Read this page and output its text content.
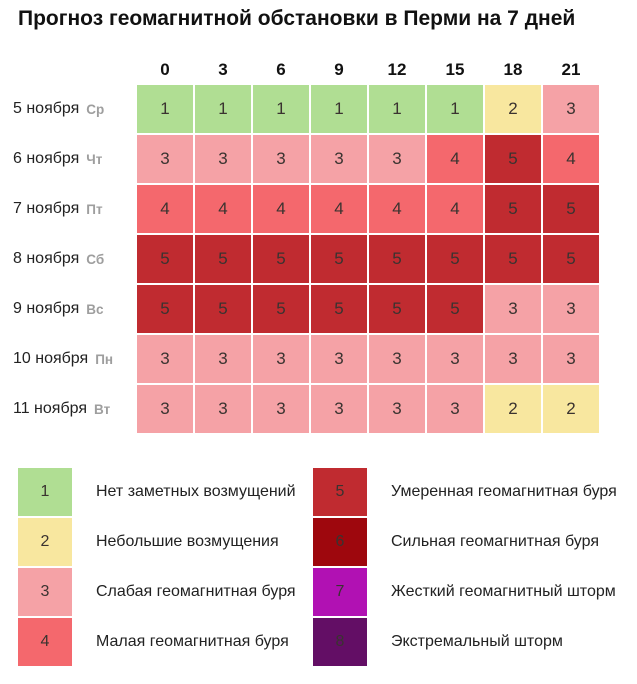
Прогноз геомагнитной обстановки в Перми на 7 дней
0	3	6	9	12	15	18	21
5 ноября Ср	1	1	1	1	1	1	2	3
6 ноября Чт	3	3	3	3	3	4	5	4
7 ноября Пт	4	4	4	4	4	4	5	5
8 ноября Сб	5	5	5	5	5	5	5	5
9 ноября Вс	5	5	5	5	5	5	3	3
10 ноября Пн	3	3	3	3	3	3	3	3
11 ноября Вт	3	3	3	3	3	3	2	2
1	Нет заметных возмущений
2	Небольшие возмущения
3	Слабая геомагнитная буря
4	Малая геомагнитная буря
5	Умеренная геомагнитная буря
6	Сильная геомагнитная буря
7	Жесткий геомагнитный шторм
8	Экстремальный шторм
